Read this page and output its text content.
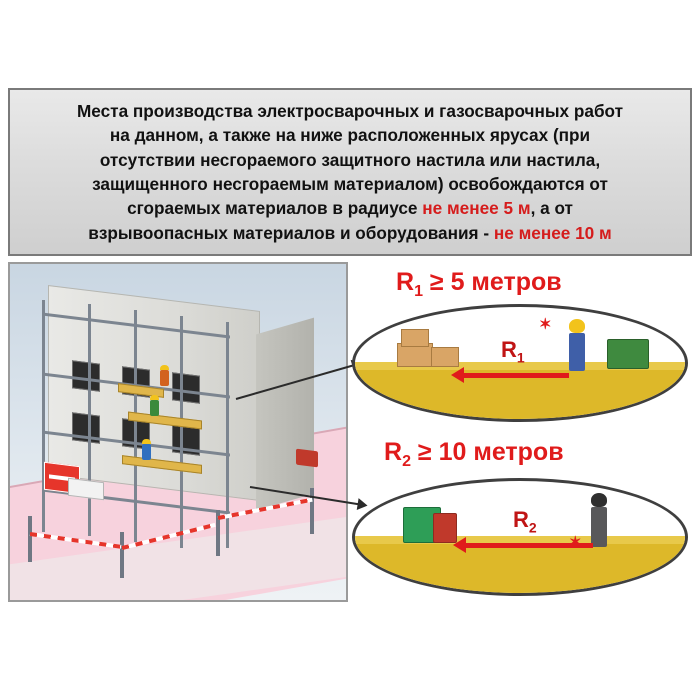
Места производства электросварочных и газосварочных работ
на данном, а также на ниже расположенных ярусах (при
отсутствии несгораемого защитного настила или настила,
защищенного несгораемым материалом) освобождаются от
сгораемых материалов в радиусе не менее 5 м, а от
взрывоопасных материалов и оборудования - не менее 10 м
$R_1 \ge 5$ метров
✶
$R_1$
$R_2 \ge 10$ метров
$R_2$
